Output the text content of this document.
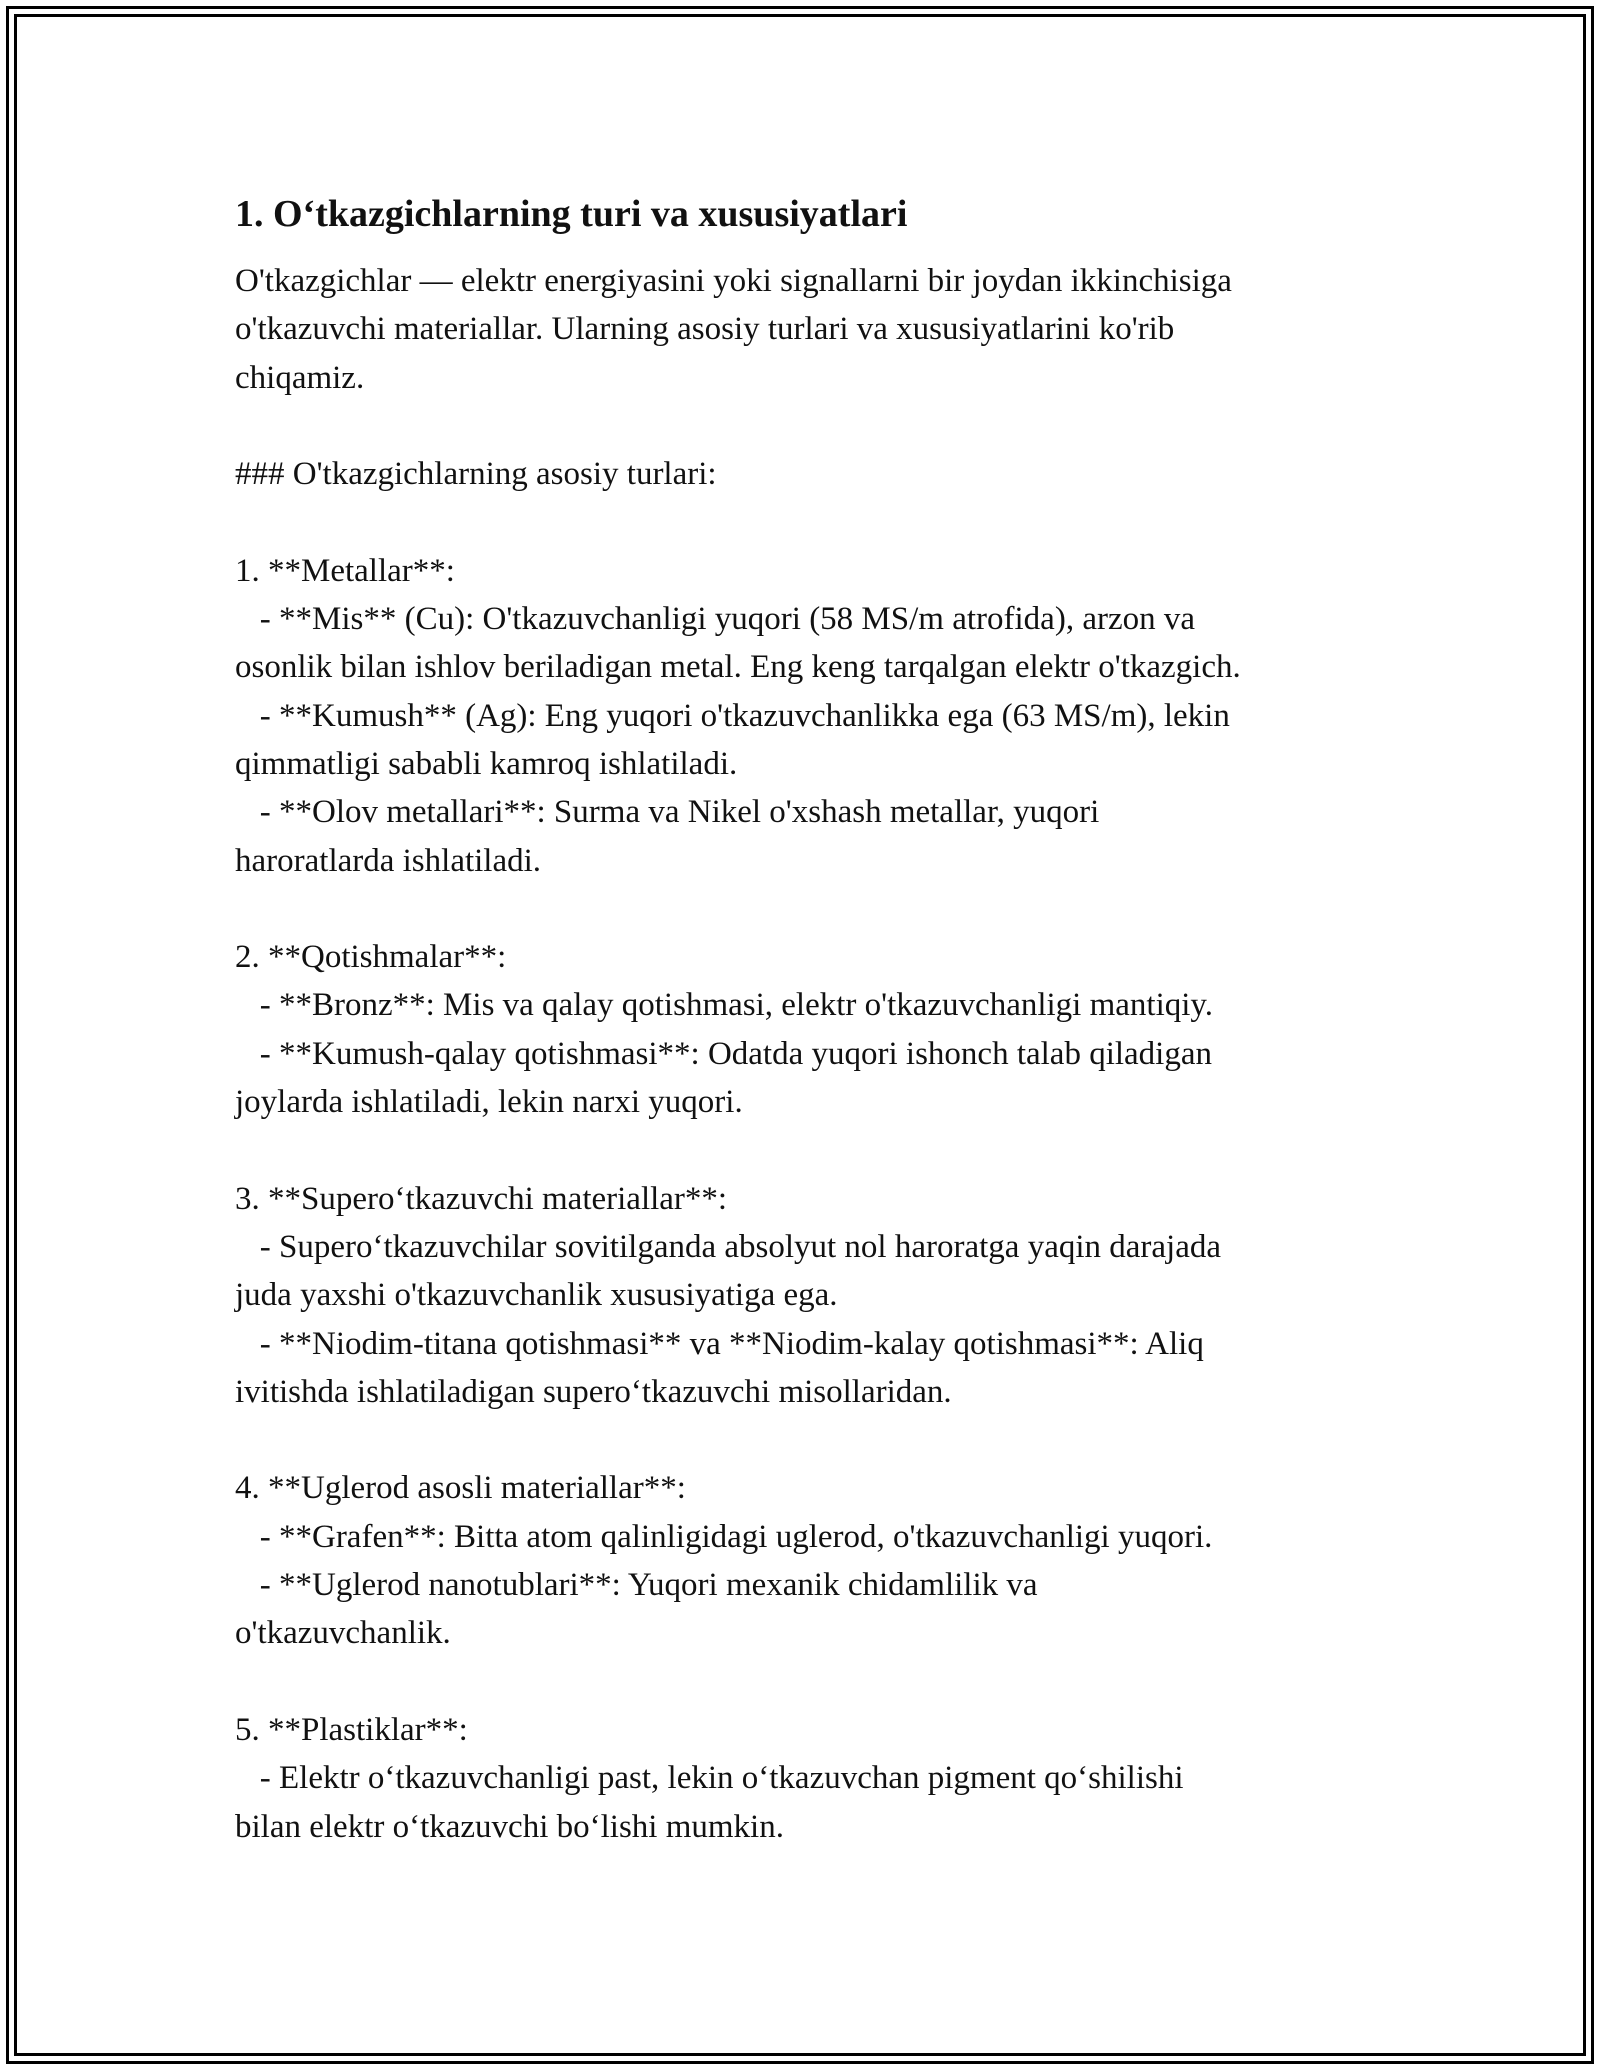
1. O‘tkazgichlarning turi va xususiyatlari
O'tkazgichlar — elektr energiyasini yoki signallarni bir joydan ikkinchisiga
o'tkazuvchi materiallar. Ularning asosiy turlari va xususiyatlarini ko'rib
chiqamiz.

### O'tkazgichlarning asosiy turlari:

1. **Metallar**:
- **Mis** (Cu): O'tkazuvchanligi yuqori (58 MS/m atrofida), arzon va
osonlik bilan ishlov beriladigan metal. Eng keng tarqalgan elektr o'tkazgich.
- **Kumush** (Ag): Eng yuqori o'tkazuvchanlikka ega (63 MS/m), lekin
qimmatligi sababli kamroq ishlatiladi.
- **Olov metallari**: Surma va Nikel o'xshash metallar, yuqori
haroratlarda ishlatiladi.

2. **Qotishmalar**:
- **Bronz**: Mis va qalay qotishmasi, elektr o'tkazuvchanligi mantiqiy.
- **Kumush-qalay qotishmasi**: Odatda yuqori ishonch talab qiladigan
joylarda ishlatiladi, lekin narxi yuqori.

3. **Supero‘tkazuvchi materiallar**:
- Supero‘tkazuvchilar sovitilganda absolyut nol haroratga yaqin darajada
juda yaxshi o'tkazuvchanlik xususiyatiga ega.
- **Niodim-titana qotishmasi** va **Niodim-kalay qotishmasi**: Aliq
ivitishda ishlatiladigan supero‘tkazuvchi misollaridan.

4. **Uglerod asosli materiallar**:
- **Grafen**: Bitta atom qalinligidagi uglerod, o'tkazuvchanligi yuqori.
- **Uglerod nanotublari**: Yuqori mexanik chidamlilik va
o'tkazuvchanlik.

5. **Plastiklar**:
- Elektr o‘tkazuvchanligi past, lekin o‘tkazuvchan pigment qo‘shilishi
bilan elektr o‘tkazuvchi bo‘lishi mumkin.
